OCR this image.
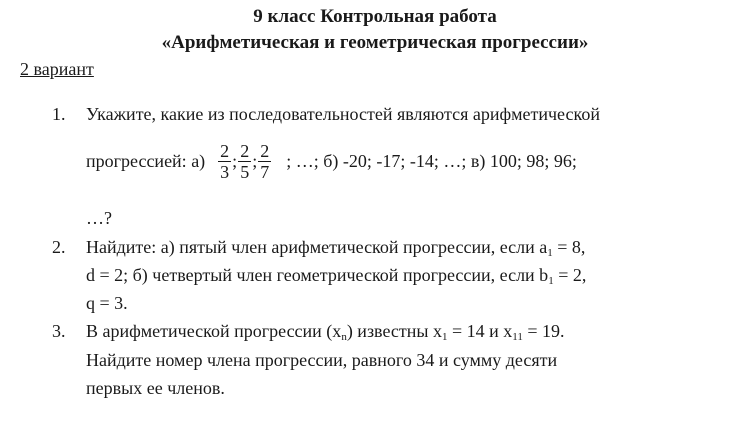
9 класс Контрольная работа
«Арифметическая и геометрическая прогрессии»
2 вариант
1. Укажите, какие из последовательностей являются арифметической
прогрессией: $а) \frac{2}{3}$ ; $\frac{2}{5}$ ; $\frac{2}{7}$ ; …; б) -20; -17; -14; …; в) 100; 98; 96;
…?
2. Найдите: а) пятый член арифметической прогрессии, если $a_1 = 8$,
d = 2; б) четвертый член геометрической прогрессии, если $b_1 = 2$,
q = 3.
3. В арифметической прогрессии $(x_n)$ известны $x_1 = 14$ и $x_{11} = 19$.
Найдите номер члена прогрессии, равного 34 и сумму десяти
первых ее членов.
